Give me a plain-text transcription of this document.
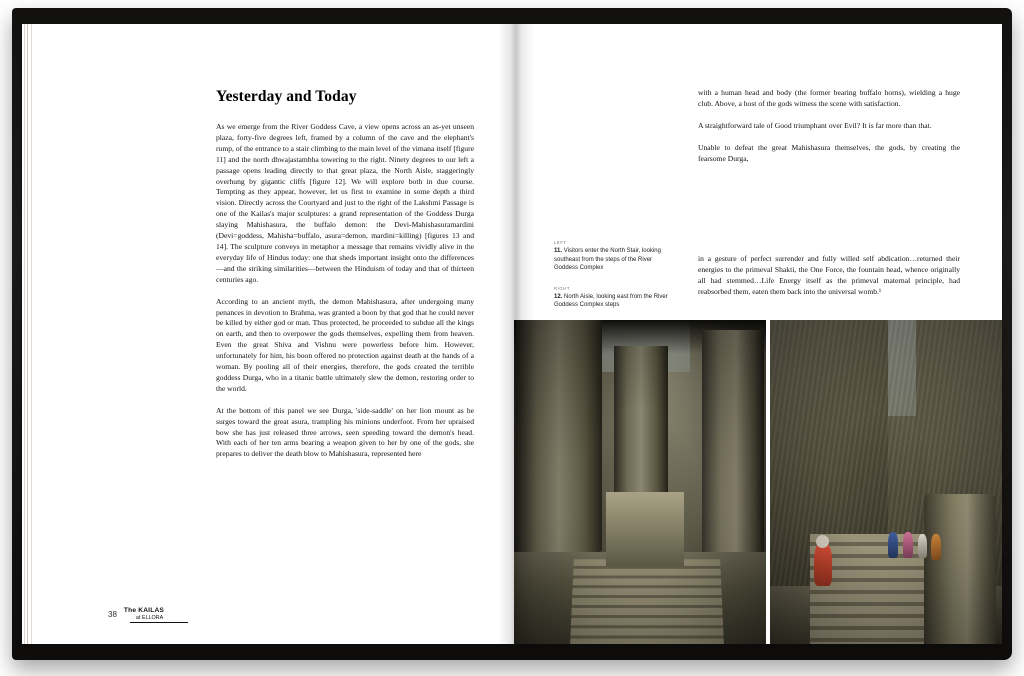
Yesterday and Today

As we emerge from the River Goddess Cave, a view opens across an as-yet unseen plaza, forty-five degrees left, framed by a column of the cave and the elephant's rump, of the entrance to a stair climbing to the main level of the vimana itself [figure 11] and the north dhwajastambha towering to the right. Ninety degrees to our left a passage opens leading directly to that great plaza, the North Aisle, staggeringly overhung by gigantic cliffs [figure 12]. We will explore both in due course. Tempting as they appear, however, let us first to examine in some depth a third vision. Directly across the Courtyard and just to the right of the Lakshmi Passage is one of the Kailas's major sculptures: a grand representation of the Goddess Durga slaying Mahishasura, the buffalo demon: the Devi-Mahishasuramardini (Devi=goddess, Mahisha=buffalo, asura=demon, mardini=killing) [figures 13 and 14]. The sculpture conveys in metaphor a message that remains vividly alive in the everyday life of Hindus today: one that sheds important insight onto the differences—and the striking similarities—between the Hinduism of today and that of thirteen centuries ago.

According to an ancient myth, the demon Mahishasura, after undergoing many penances in devotion to Brahma, was granted a boon by that god that he could never be killed by either god or man. Thus protected, he proceeded to subdue all the kings on earth, and then to overpower the gods themselves, expelling them from heaven. Even the great Shiva and Vishnu were powerless before him. However, unfortunately for him, his boon offered no protection against death at the hands of a woman. By pooling all of their energies, therefore, the gods created the terrible goddess Durga, who in a titanic battle ultimately slew the demon, restoring order to the world.

At the bottom of this panel we see Durga, 'side-saddle' on her lion mount as he surges toward the great asura, trampling his minions underfoot. From her upraised bow she has just released three arrows, seen speeding toward the demon's head. With each of her ten arms bearing a weapon given to her by one of the gods, she prepares to deliver the death blow to Mahishasura, represented here

38 The KAILAS
at ELLORA

with a human head and body (the former bearing buffalo horns), wielding a huge club. Above, a host of the gods witness the scene with satisfaction.

A straightforward tale of Good triumphant over Evil? It is far more than that.

Unable to defeat the great Mahishasura themselves, the gods, by creating the fearsome Durga,

in a gesture of perfect surrender and fully willed self abdication…returned their energies to the primeval Shakti, the One Force, the fountain head, whence originally all had stemmed…Life Energy itself as the primeval maternal principle, had reabsorbed them, eaten them back into the universal womb.¹

LEFT
11. Visitors enter the North Stair, looking southeast from the steps of the River Goddess Complex
RIGHT
12. North Aisle, looking east from the River Goddess Complex steps
